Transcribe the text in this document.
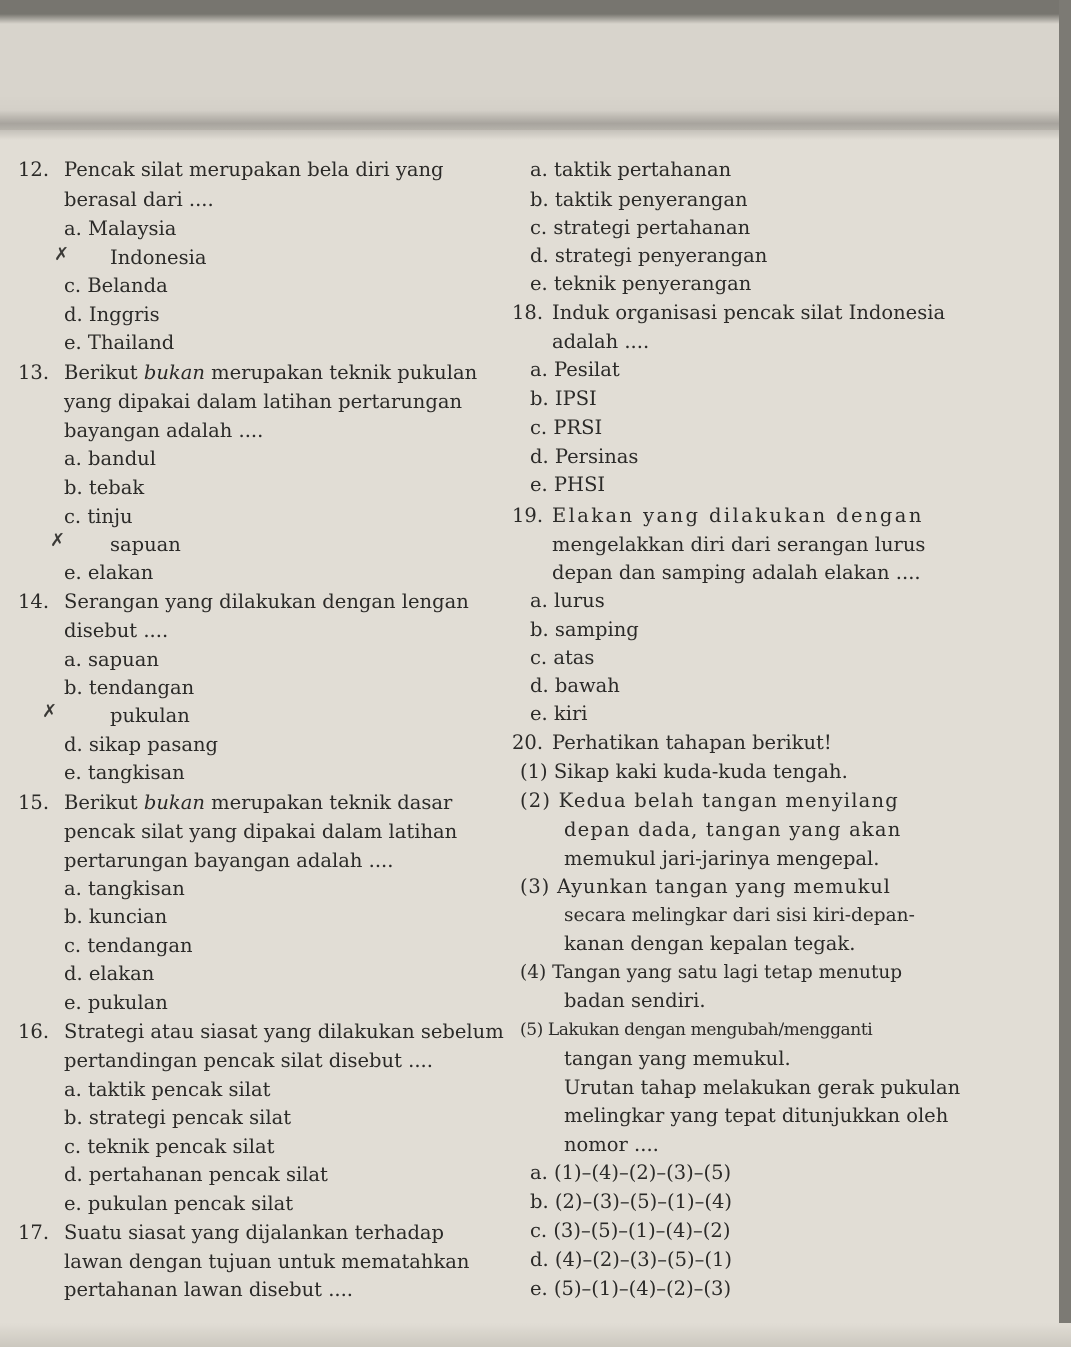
12. Pencak silat merupakan bela diri yang
berasal dari ....
a. Malaysia
✗ Indonesia
c. Belanda
d. Inggris
e. Thailand
13. Berikut bukan merupakan teknik pukulan
yang dipakai dalam latihan pertarungan
bayangan adalah ....
a. bandul
b. tebak
c. tinju
✗ sapuan
e. elakan
14. Serangan yang dilakukan dengan lengan
disebut ....
a. sapuan
b. tendangan
✗	pukulan
d. sikap pasang
e. tangkisan
15. Berikut bukan merupakan teknik dasar
pencak silat yang dipakai dalam latihan
pertarungan bayangan adalah ....
a. tangkisan
b. kuncian
c. tendangan
d. elakan
e. pukulan
16. Strategi atau siasat yang dilakukan sebelum
pertandingan pencak silat disebut ....
a. taktik pencak silat
b. strategi pencak silat
c. teknik pencak silat
d. pertahanan pencak silat
e. pukulan pencak silat
17. Suatu siasat yang dijalankan terhadap
lawan dengan tujuan untuk mematahkan
pertahanan lawan disebut ....
a. taktik pertahanan
b. taktik penyerangan
c. strategi pertahanan
d. strategi penyerangan
e. teknik penyerangan
18. Induk organisasi pencak silat Indonesia
adalah ....
a. Pesilat
b. IPSI
c. PRSI
d. Persinas
e. PHSI
19. Elakan yang dilakukan dengan
mengelakkan diri dari serangan lurus
depan dan samping adalah elakan ....
a. lurus
b. samping
c. atas
d. bawah
e. kiri
20. Perhatikan tahapan berikut!
(1) Sikap kaki kuda-kuda tengah.
(2) Kedua belah tangan menyilang
depan dada, tangan yang akan
memukul jari-jarinya mengepal.
(3) Ayunkan tangan yang memukul
secara melingkar dari sisi kiri-depan-
kanan dengan kepalan tegak.
(4) Tangan yang satu lagi tetap menutup
badan sendiri.
(5) Lakukan dengan mengubah/mengganti
tangan yang memukul.
Urutan tahap melakukan gerak pukulan
melingkar yang tepat ditunjukkan oleh
nomor ....
a. (1)–(4)–(2)–(3)–(5)
b. (2)–(3)–(5)–(1)–(4)
c. (3)–(5)–(1)–(4)–(2)
d. (4)–(2)–(3)–(5)–(1)
e. (5)–(1)–(4)–(2)–(3)
